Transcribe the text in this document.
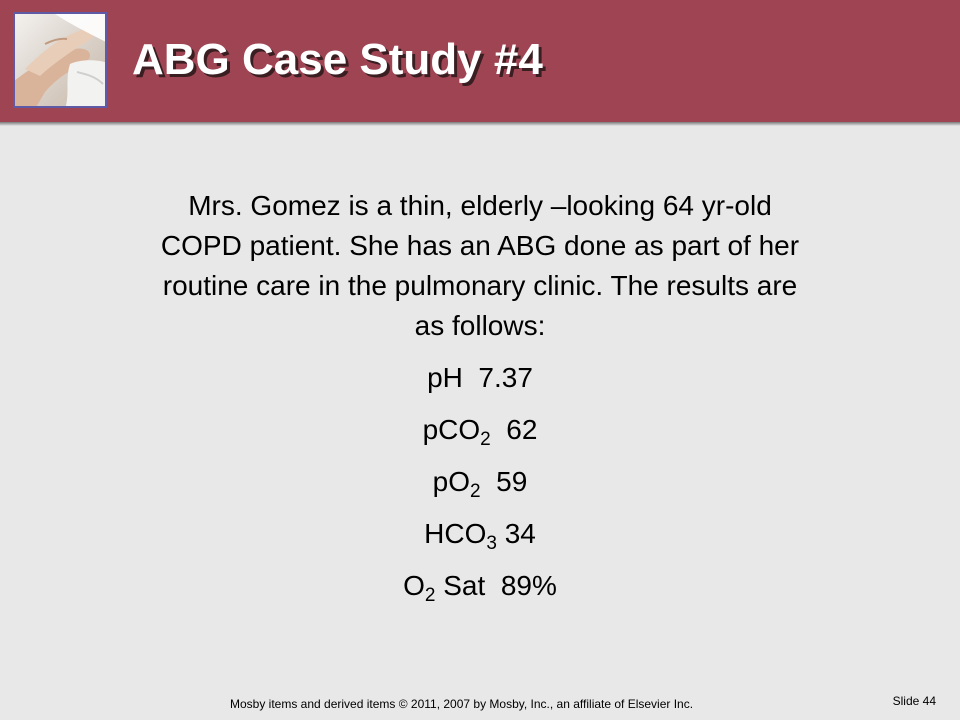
ABG Case Study #4

Mrs. Gomez is a thin, elderly –looking 64 yr-old COPD patient. She has an ABG done as part of her routine care in the pulmonary clinic. The results are as follows:

pH  7.37
pCO$_2$  62
$pO_2$  59
$HCO_3$ 34
$O_2$ Sat  89%
Mosby items and derived items © 2011, 2007 by Mosby, Inc., an affiliate of Elsevier Inc.	Slide 44
